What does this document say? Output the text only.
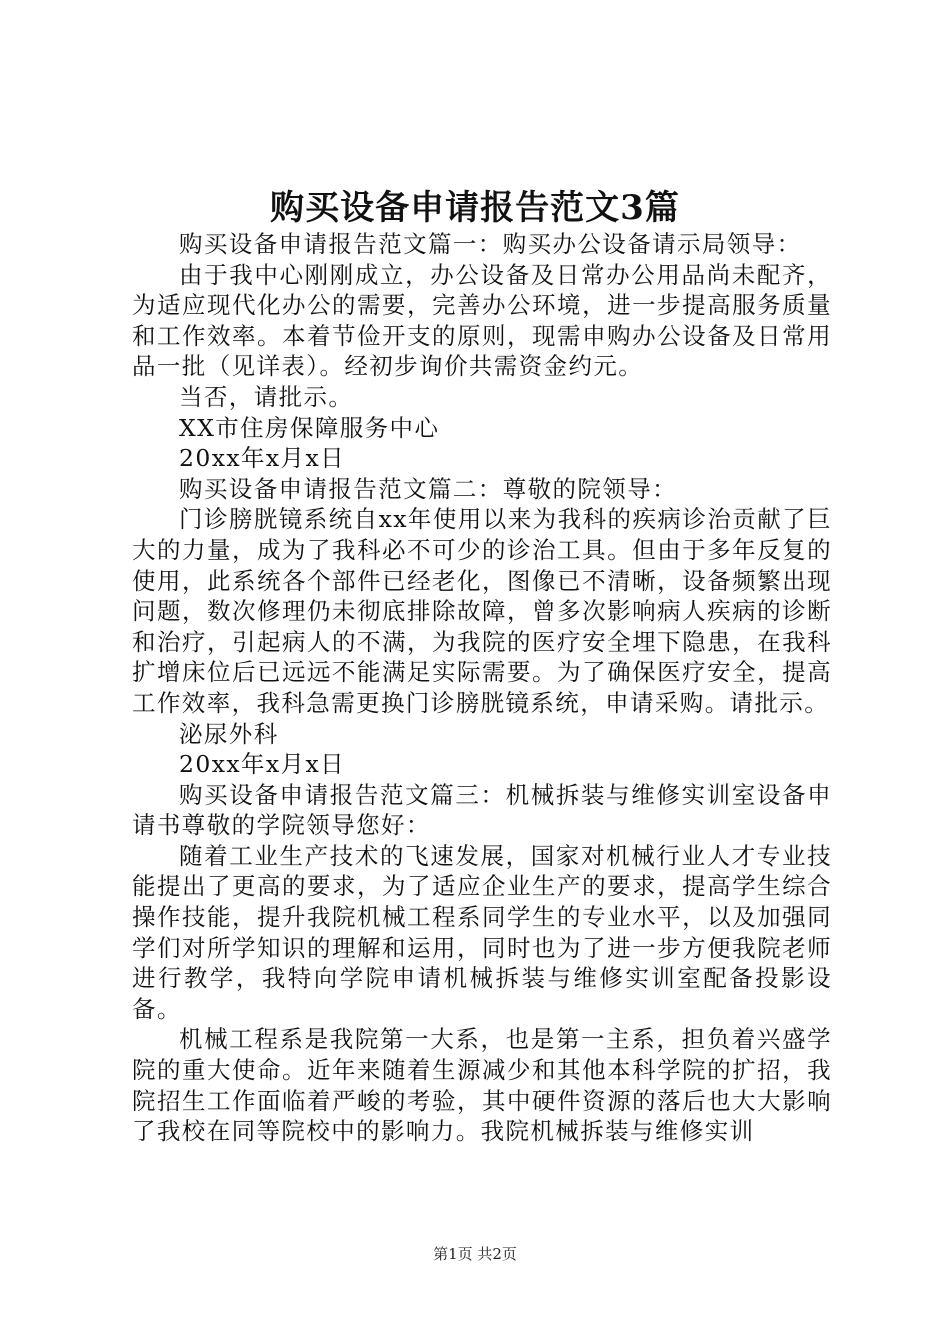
购买设备申请报告范文3篇

购买设备申请报告范文篇一：购买办公设备请示局领导：

由于我中心刚刚成立，办公设备及日常办公用品尚未配齐，为适应现代化办公的需要，完善办公环境，进一步提高服务质量和工作效率。本着节俭开支的原则，现需申购办公设备及日常用品一批（见详表）。经初步询价共需资金约元。

当否，请批示。

XX市住房保障服务中心

20xx年x月x日

购买设备申请报告范文篇二：尊敬的院领导：

门诊膀胱镜系统自xx年使用以来为我科的疾病诊治贡献了巨大的力量，成为了我科必不可少的诊治工具。但由于多年反复的使用，此系统各个部件已经老化，图像已不清晰，设备频繁出现问题，数次修理仍未彻底排除故障，曾多次影响病人疾病的诊断和治疗，引起病人的不满，为我院的医疗安全埋下隐患，在我科扩增床位后已远远不能满足实际需要。为了确保医疗安全，提高工作效率，我科急需更换门诊膀胱镜系统，申请采购。请批示。

泌尿外科

20xx年x月x日

购买设备申请报告范文篇三：机械拆装与维修实训室设备申请书尊敬的学院领导您好：

随着工业生产技术的飞速发展，国家对机械行业人才专业技能提出了更高的要求，为了适应企业生产的要求，提高学生综合操作技能，提升我院机械工程系同学生的专业水平，以及加强同学们对所学知识的理解和运用，同时也为了进一步方便我院老师进行教学，我特向学院申请机械拆装与维修实训室配备投影设备。

机械工程系是我院第一大系，也是第一主系，担负着兴盛学院的重大使命。近年来随着生源减少和其他本科学院的扩招，我院招生工作面临着严峻的考验，其中硬件资源的落后也大大影响了我校在同等院校中的影响力。我院机械拆装与维修实训

第1页 共2页
